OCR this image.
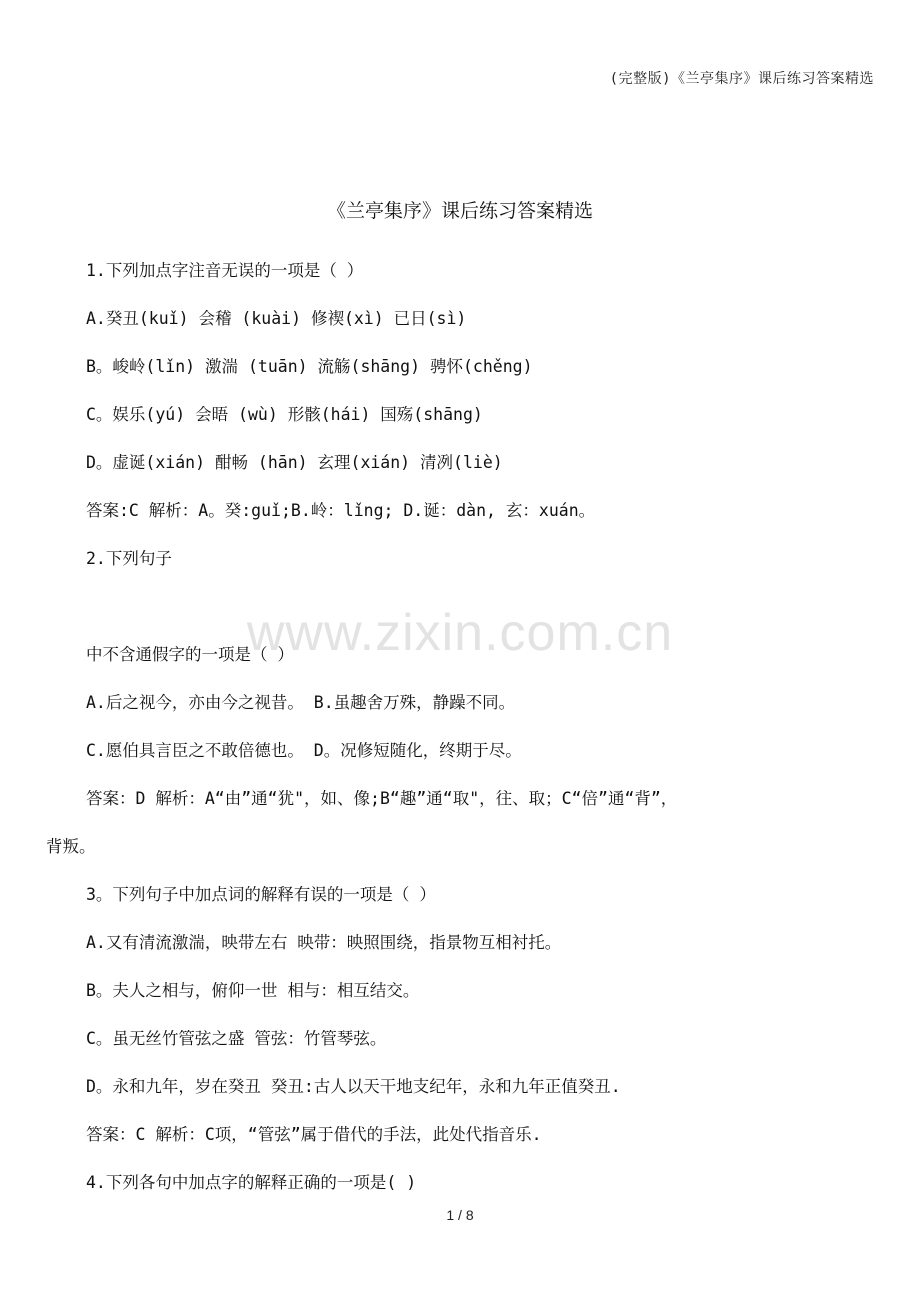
(完整版)《兰亭集序》课后练习答案精选
《兰亭集序》课后练习答案精选
www.zixin.com.cn
1.下列加点字注音无误的一项是（ ）
A.癸丑(kuǐ) 会稽 (kuài) 修禊(xì) 已日(sì)
B。峻岭(lǐn) 激湍 (tuān) 流觞(shāng) 骋怀(chěng)
C。娱乐(yú) 会晤 (wù) 形骸(hái) 国殇(shāng)
D。虚诞(xián) 酣畅 (hān) 玄理(xián) 清冽(liè)
答案:C 解析：A。癸:guǐ;B.岭：lǐng; D.诞：dàn, 玄：xuán。
2.下列句子
中不含通假字的一项是（ ）
A.后之视今，亦由今之视昔。 B.虽趣舍万殊，静躁不同。
C.愿伯具言臣之不敢倍德也。 D。况修短随化，终期于尽。
答案：D 解析：A“由”通“犹"，如、像;B“趣”通“取"，往、取；C“倍”通“背”，
背叛。
3。下列句子中加点词的解释有误的一项是（ ）
A.又有清流激湍，映带左右 映带：映照围绕，指景物互相衬托。
B。夫人之相与，俯仰一世 相与：相互结交。
C。虽无丝竹管弦之盛 管弦：竹管琴弦。
D。永和九年，岁在癸丑 癸丑:古人以天干地支纪年，永和九年正值癸丑.
答案：C 解析：C项，“管弦”属于借代的手法，此处代指音乐.
4.下列各句中加点字的解释正确的一项是( )
1 / 8
